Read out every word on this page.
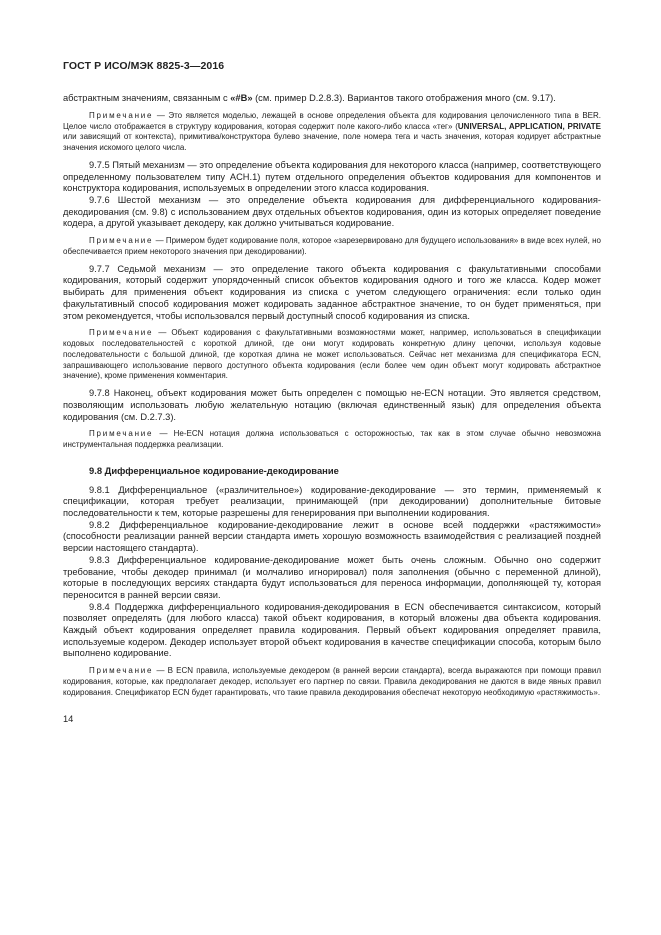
ГОСТ Р ИСО/МЭК 8825-3—2016

абстрактным значениям, связанным с «#B» (см. пример D.2.8.3). Вариантов такого отображения много (см. 9.17).

Примечание — Это является моделью, лежащей в основе определения объекта для кодирования целочисленного типа в BER. Целое число отображается в структуру кодирования, которая содержит поле какого-либо класса «тег» (UNIVERSAL, APPLICATION, PRIVATE или зависящий от контекста), примитива/конструктора булево значение, поле номера тега и часть значения, которая кодирует абстрактные значения искомого целого числа.

9.7.5 Пятый механизм — это определение объекта кодирования для некоторого класса (например, соответствующего определенному пользователем типу ACH.1) путем отдельного определения объектов кодирования для компонентов и конструктора кодирования, используемых в определении этого класса кодирования.

9.7.6 Шестой механизм — это определение объекта кодирования для дифференциального кодирования-декодирования (см. 9.8) с использованием двух отдельных объектов кодирования, один из которых определяет поведение кодера, а другой указывает декодеру, как должно учитываться кодирование.

Примечание — Примером будет кодирование поля, которое «зарезервировано для будущего использования» в виде всех нулей, но обеспечивается прием некоторого значения при декодировании).

9.7.7 Седьмой механизм — это определение такого объекта кодирования с факультативными способами кодирования, который содержит упорядоченный список объектов кодирования одного и того же класса. Кодер может выбирать для применения объект кодирования из списка с учетом следующего ограничения: если только один факультативный способ кодирования может кодировать заданное абстрактное значение, то он будет применяться, при этом рекомендуется, чтобы использовался первый доступный способ кодирования из списка.

Примечание — Объект кодирования с факультативными возможностями может, например, использоваться в спецификации кодовых последовательностей с короткой длиной, где они могут кодировать конкретную длину цепочки, используя кодовые последовательности с большой длиной, где короткая длина не может использоваться. Сейчас нет механизма для спецификатора ECN, запрашивающего использование первого доступного объекта кодирования (если более чем один объект могут кодировать абстрактное значение), кроме применения комментария.

9.7.8 Наконец, объект кодирования может быть определен с помощью не-ECN нотации. Это является средством, позволяющим использовать любую желательную нотацию (включая единственный язык) для определения объекта кодирования (см. D.2.7.3).

Примечание — Не-ECN нотация должна использоваться с осторожностью, так как в этом случае обычно невозможна инструментальная поддержка реализации.

9.8 Дифференциальное кодирование-декодирование

9.8.1 Дифференциальное («различительное») кодирование-декодирование — это термин, применяемый к спецификации, которая требует реализации, принимающей (при декодировании) дополнительные битовые последовательности к тем, которые разрешены для генерирования при выполнении кодирования.

9.8.2 Дифференциальное кодирование-декодирование лежит в основе всей поддержки «растяжимости» (способности реализации ранней версии стандарта иметь хорошую возможность взаимодействия с реализацией поздней версии настоящего стандарта).

9.8.3 Дифференциальное кодирование-декодирование может быть очень сложным. Обычно оно содержит требование, чтобы декодер принимал (и молчаливо игнорировал) поля заполнения (обычно с переменной длиной), которые в последующих версиях стандарта будут использоваться для переноса информации, дополняющей ту, которая переносится в ранней версии связи.

9.8.4 Поддержка дифференциального кодирования-декодирования в ECN обеспечивается синтаксисом, который позволяет определять (для любого класса) такой объект кодирования, в который вложены два объекта кодирования. Каждый объект кодирования определяет правила кодирования. Первый объект кодирования определяет правила, используемые кодером. Декодер использует второй объект кодирования в качестве спецификации способа, которым было выполнено кодирование.

Примечание — В ECN правила, используемые декодером (в ранней версии стандарта), всегда выражаются при помощи правил кодирования, которые, как предполагает декодер, использует его партнер по связи. Правила декодирования не даются в виде явных правил кодирования. Спецификатор ECN будет гарантировать, что такие правила декодирования обеспечат некоторую необходимую «растяжимость».

14
